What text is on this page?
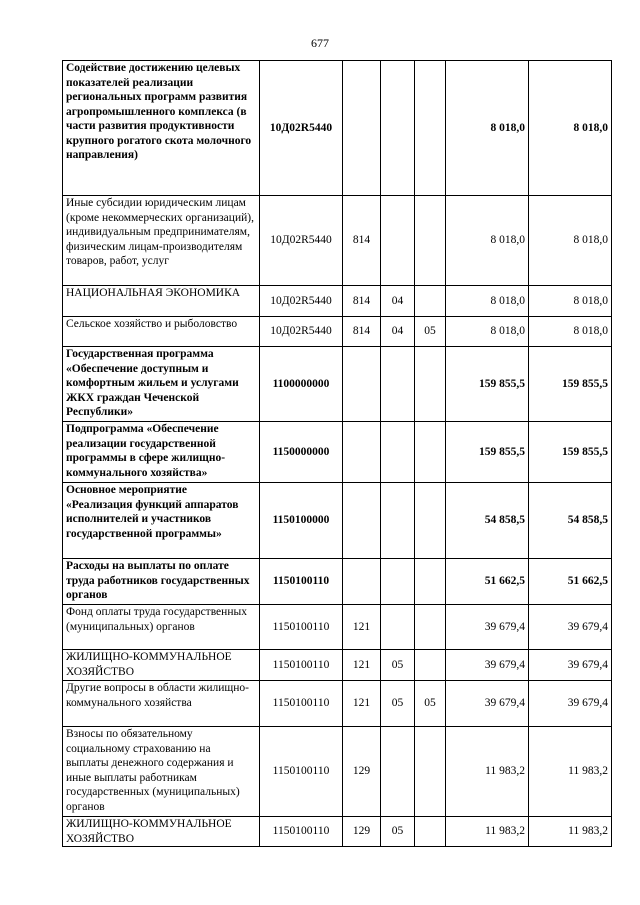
677
Содействие достижению целевых показателей реализации региональных программ развития агропромышленного комплекса (в части развития продуктивности крупного рогатого скота молочного направления)	10Д02R5440				8 018,0	8 018,0

Иные субсидии юридическим лицам (кроме некоммерческих организаций), индивидуальным предпринимателям, физическим лицам-производителям товаров, работ, услуг	10Д02R5440	814			8 018,0	8 018,0

НАЦИОНАЛЬНАЯ ЭКОНОМИКА	10Д02R5440	814	04		8 018,0	8 018,0

Сельское хозяйство и рыболовство	10Д02R5440	814	04	05	8 018,0	8 018,0

Государственная программа «Обеспечение доступным и комфортным жильем и услугами ЖКХ граждан Чеченской Республики»	1100000000				159 855,5	159 855,5

Подпрограмма «Обеспечение реализации государственной программы в сфере жилищно-коммунального хозяйства»	1150000000				159 855,5	159 855,5

Основное мероприятие «Реализация функций аппаратов исполнителей и участников государственной программы»	1150100000				54 858,5	54 858,5

Расходы на выплаты по оплате труда работников государственных органов	1150100110				51 662,5	51 662,5

Фонд оплаты труда государственных (муниципальных) органов	1150100110	121			39 679,4	39 679,4

ЖИЛИЩНО-КОММУНАЛЬНОЕ ХОЗЯЙСТВО	1150100110	121	05		39 679,4	39 679,4

Другие вопросы в области жилищно-коммунального хозяйства	1150100110	121	05	05	39 679,4	39 679,4

Взносы по обязательному социальному страхованию на выплаты денежного содержания и иные выплаты работникам государственных (муниципальных) органов	1150100110	129			11 983,2	11 983,2

ЖИЛИЩНО-КОММУНАЛЬНОЕ ХОЗЯЙСТВО	1150100110	129	05		11 983,2	11 983,2
